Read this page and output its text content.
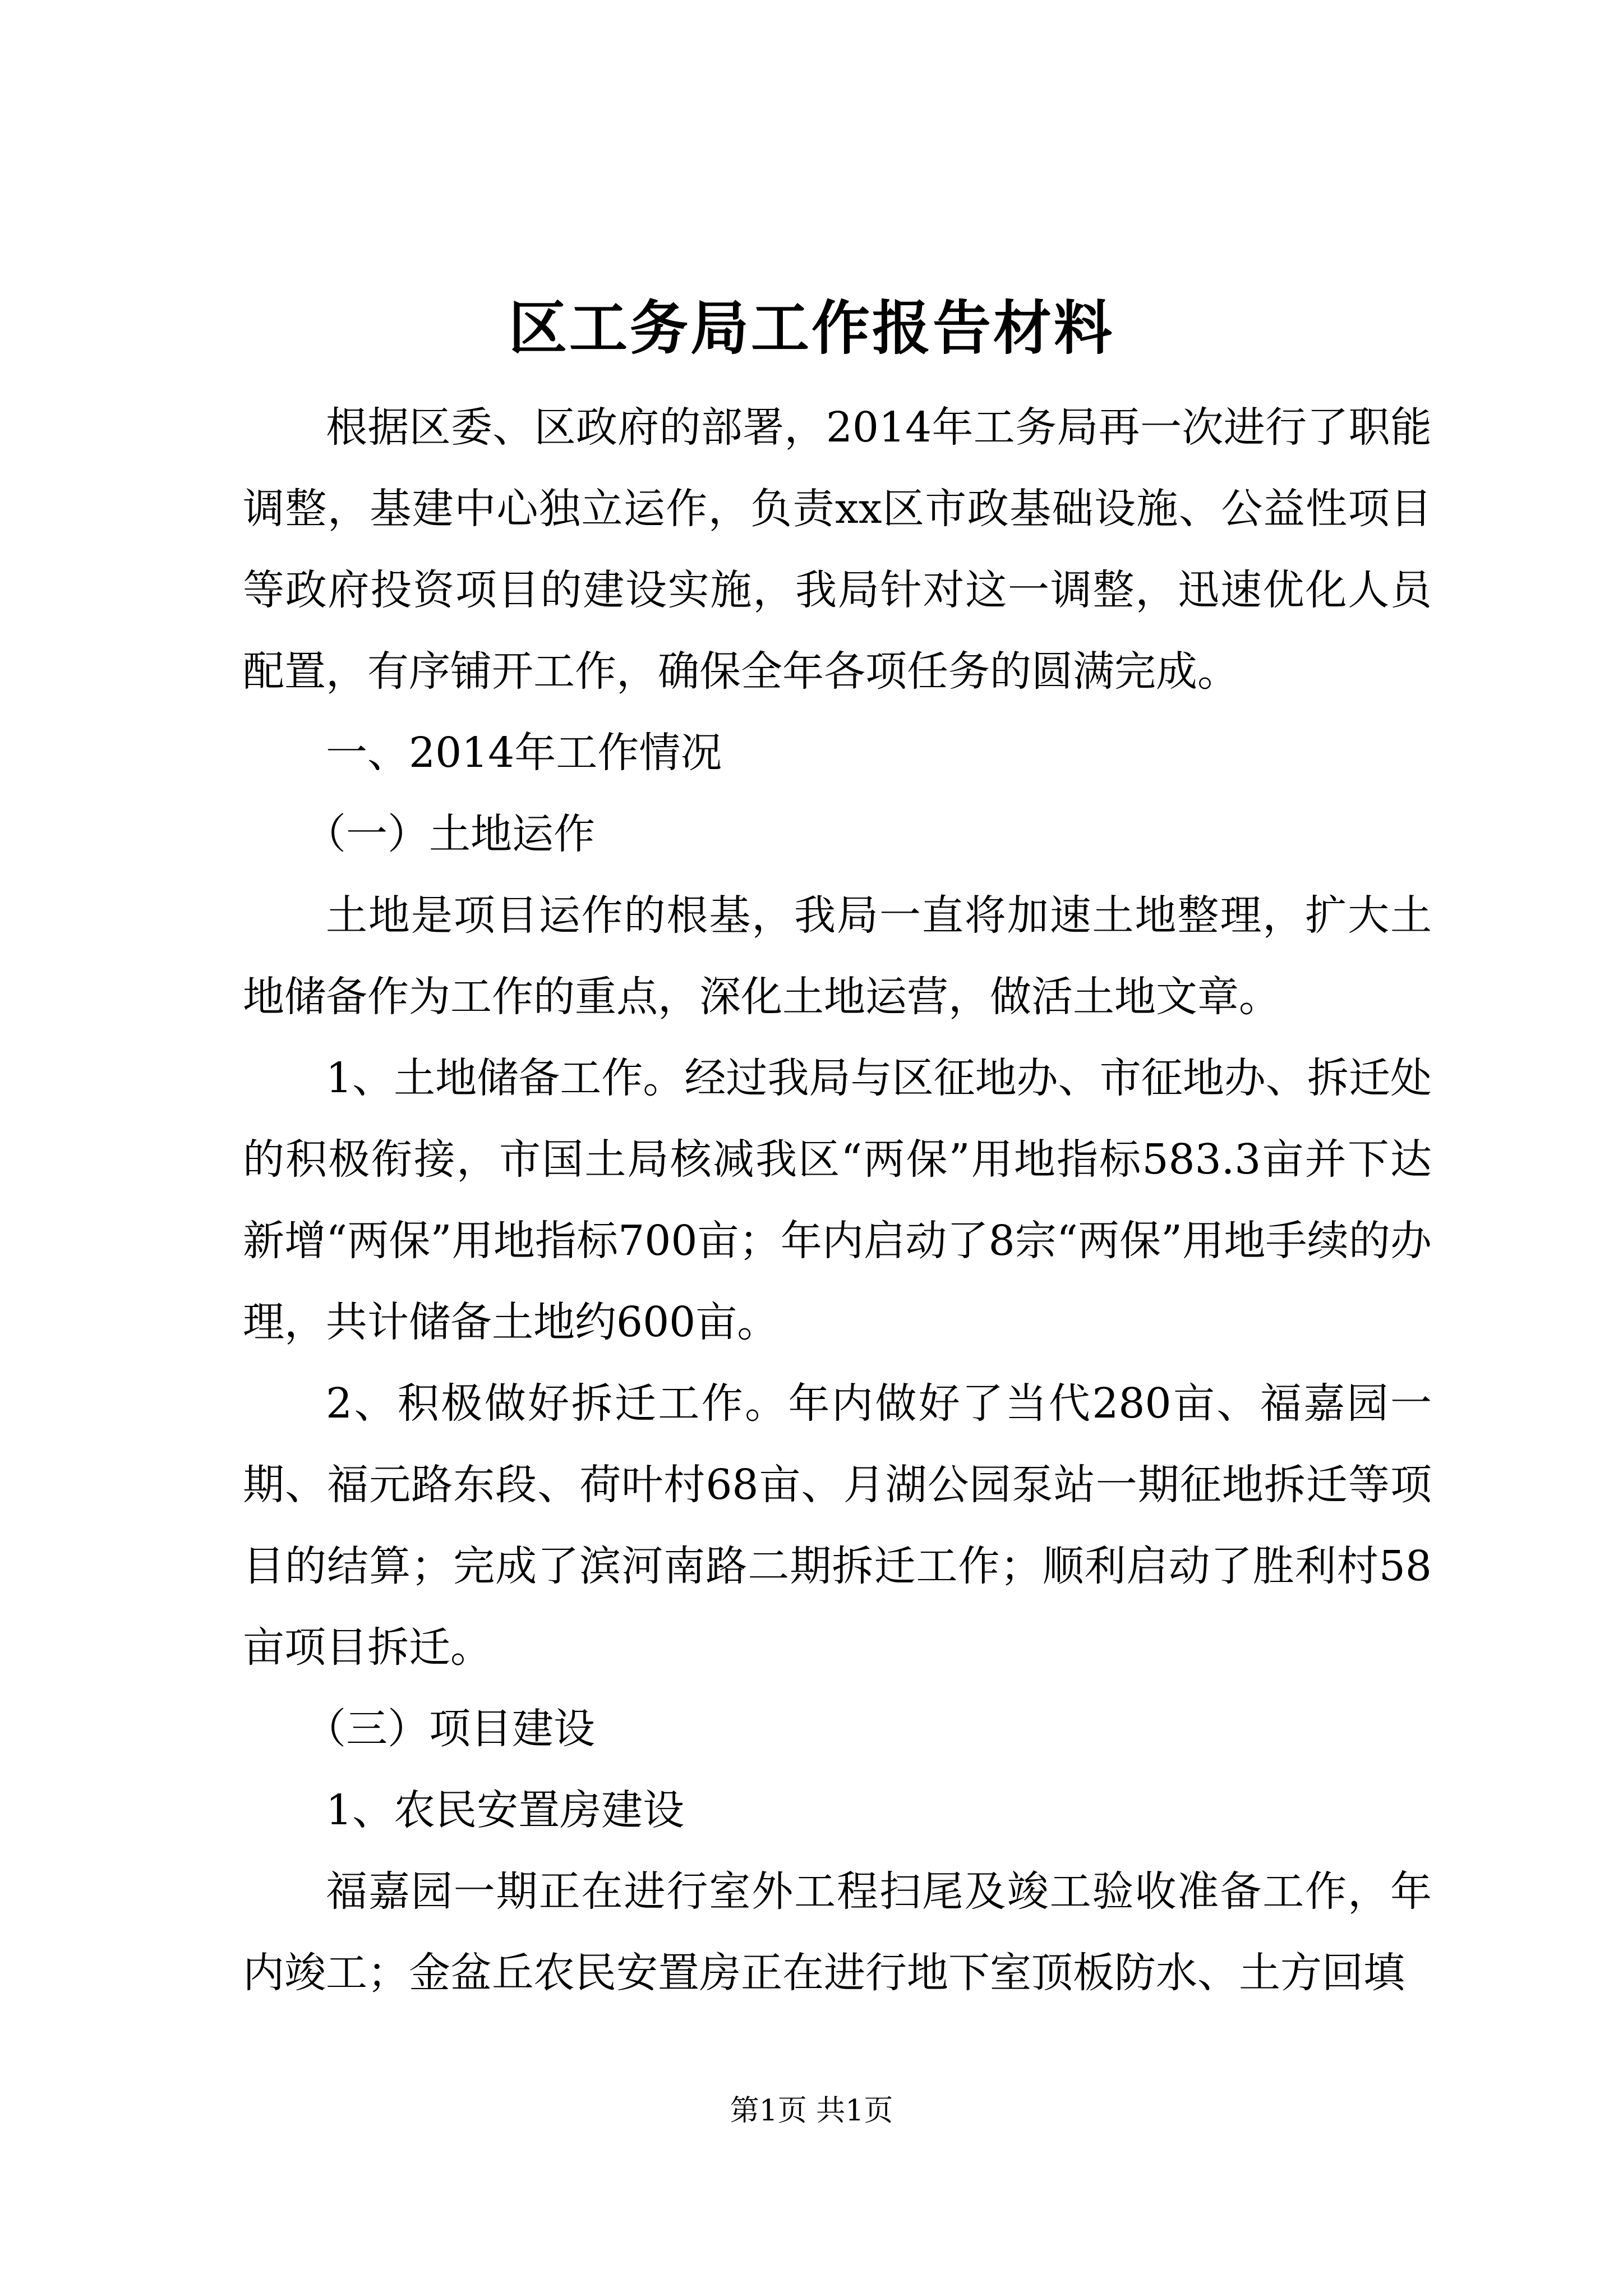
区工务局工作报告材料

根据区委、区政府的部署，2014年工务局再一次进行了职能调整，基建中心独立运作，负责xx区市政基础设施、公益性项目等政府投资项目的建设实施，我局针对这一调整，迅速优化人员配置，有序铺开工作，确保全年各项任务的圆满完成。

一、2014年工作情况

（一）土地运作

土地是项目运作的根基，我局一直将加速土地整理，扩大土地储备作为工作的重点，深化土地运营，做活土地文章。

1、土地储备工作。经过我局与区征地办、市征地办、拆迁处的积极衔接，市国土局核减我区“两保”用地指标583.3亩并下达新增“两保”用地指标700亩；年内启动了8宗“两保”用地手续的办理，共计储备土地约600亩。

2、积极做好拆迁工作。年内做好了当代280亩、福嘉园一期、福元路东段、荷叶村68亩、月湖公园泵站一期征地拆迁等项目的结算；完成了滨河南路二期拆迁工作；顺利启动了胜利村58亩项目拆迁。

（三）项目建设

1、农民安置房建设

福嘉园一期正在进行室外工程扫尾及竣工验收准备工作，年内竣工；金盆丘农民安置房正在进行地下室顶板防水、土方回填

第1页 共1页
